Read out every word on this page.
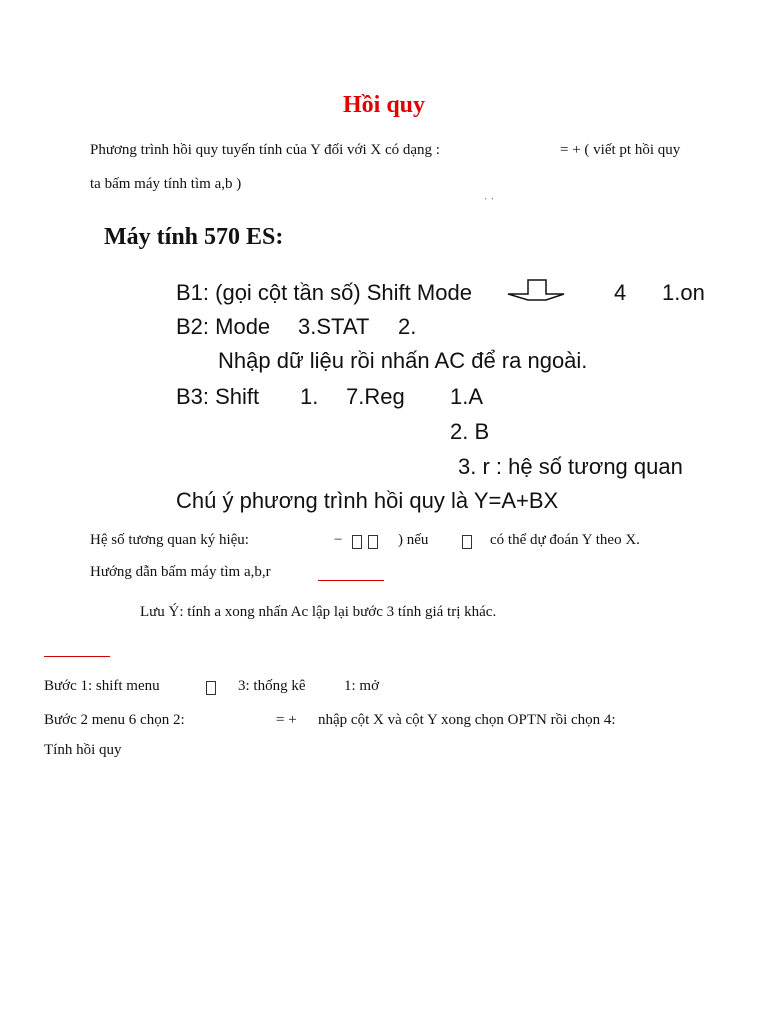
Hồi quy
Phương trình hồi quy tuyến tính của Y đối với X có dạng :	= + ( viết pt hồi quy
ta bấm máy tính tìm a,b )
ˈ ˈ
Máy tính 570 ES:
B1: (gọi cột tần số) Shift Mode	4 1.on
B2: Mode 3.STAT 2.
Nhập dữ liệu rồi nhấn AC để ra ngoài.
B3: Shift 1. 7.Reg 1.A
2. B
3. r : hệ số tương quan
Chú ý phương trình hồi quy là Y=A+BX
Hệ số tương quan ký hiệu:	−	) nếu	có thể dự đoán Y theo X.
Hướng dẫn bấm máy tìm a,b,r
Lưu Ý: tính a xong nhấn Ac lập lại bước 3 tính giá trị khác.
Bước 1: shift menu	3: thống kê	1: mở
Bước 2 menu 6 chọn 2:	= + nhập cột X và cột Y xong chọn OPTN rồi chọn 4:
Tính hồi quy
